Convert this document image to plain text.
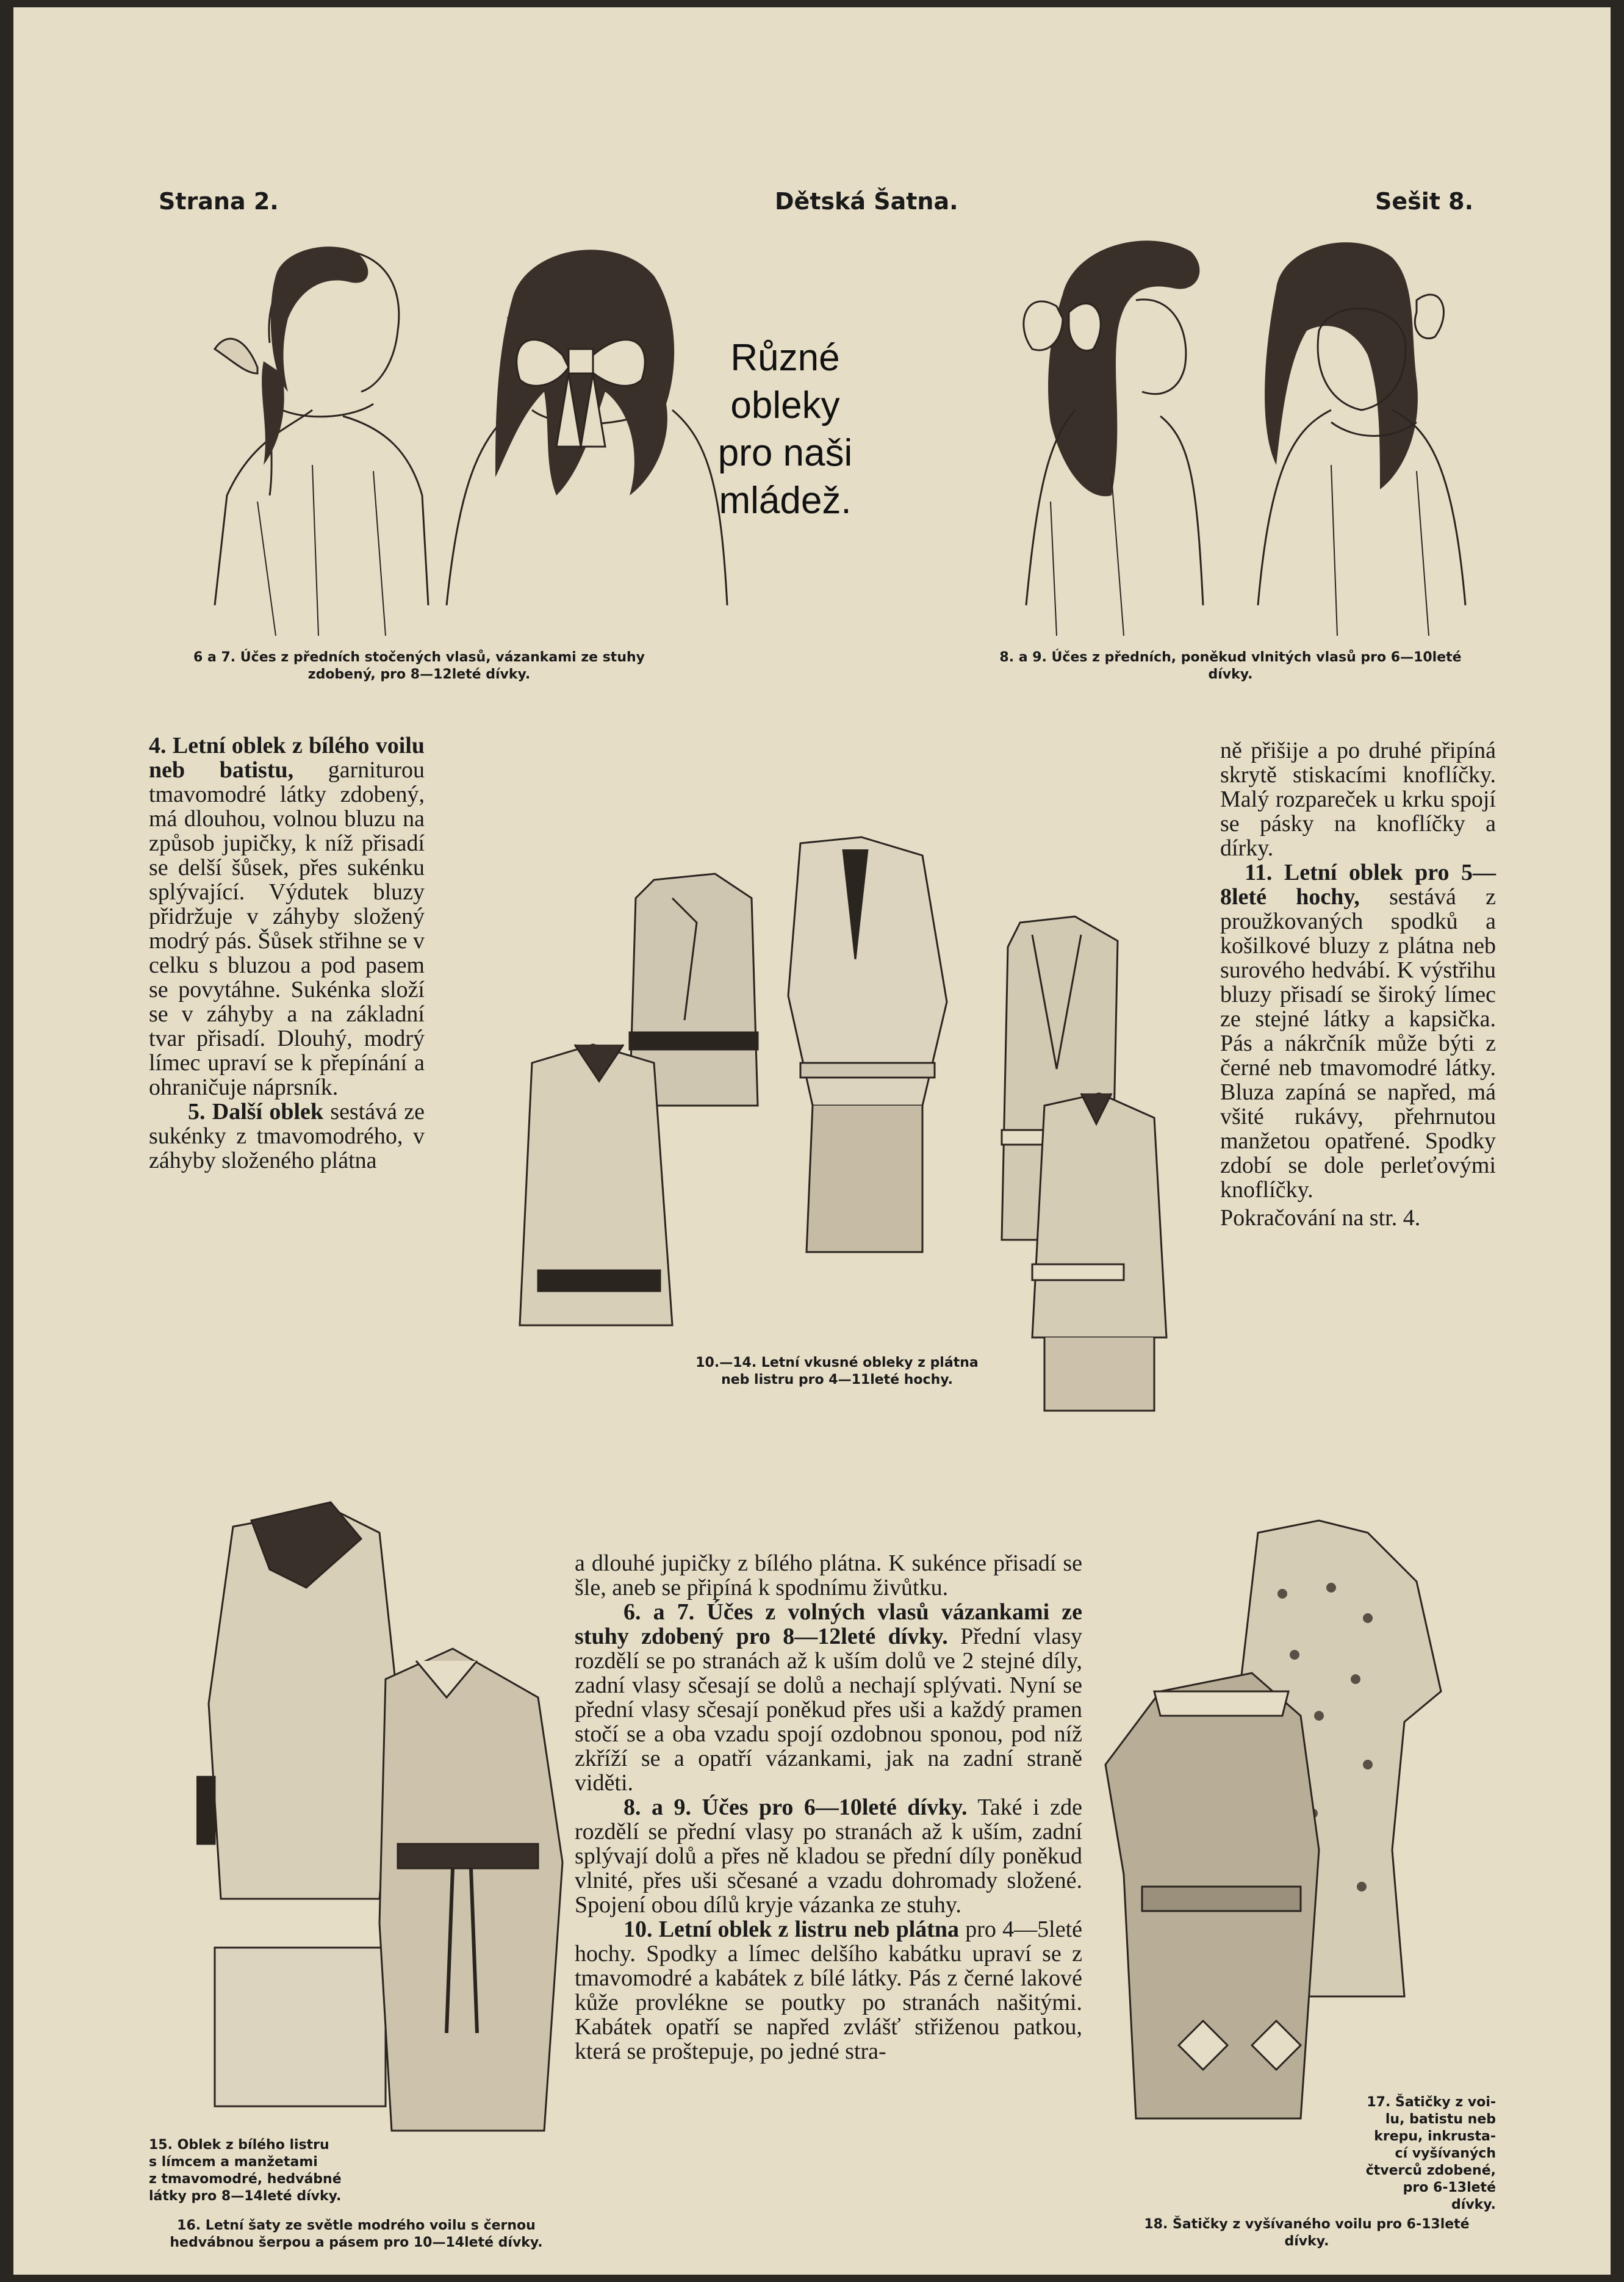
Strana 2.	Dětská Šatna.	Sešit 8.
Různé obleky
pro naši
mládež.
6 a 7. Účes z předních stočených vlasů, vázankami ze stuhy
zdobený, pro 8—12leté dívky.
8. a 9. Účes z předních, poněkud vlnitých vlasů pro 6—10leté
dívky.

4. Letní oblek z bílého voilu neb batistu, garniturou tmavomodré látky zdobený, má dlouhou, volnou bluzu na způsob jupičky, k níž přisadí se delší šůsek, přes sukénku splývající. Výdutek bluzy přidržuje v záhyby složený modrý pás. Šůsek střihne se v celku s bluzou a pod pasem se povytáhne. Sukénka složí se v záhyby a na základní tvar přisadí. Dlouhý, modrý límec upraví se k přepínání a ohraničuje náprsník.

5. Další oblek sestává ze sukénky z tmavomodrého, v záhyby složeného plátna

10.—14. Letní vkusné obleky z plátna
neb listru pro 4—11leté hochy.

ně přišije a po druhé připíná skrytě stiskacími knoflíčky. Malý rozpareček u krku spojí se pásky na knoflíčky a dírky.

11. Letní oblek pro 5—8leté hochy, sestává z proužkovaných spodků a košilkové bluzy z plátna neb surového hedvábí. K výstřihu bluzy přisadí se široký límec ze stejné látky a kapsička. Pás a nákrčník může býti z černé neb tmavomodré látky. Bluza zapíná se napřed, má všité rukávy, přehrnutou manžetou opatřené. Spodky zdobí se dole perleťovými knoflíčky.

Pokračování na str. 4.

15. Oblek z bílého listru
s límcem a manžetami
z tmavomodré, hedvábné
látky pro 8—14leté dívky.
16. Letní šaty ze světle modrého voilu s černou
hedvábnou šerpou a pásem pro 10—14leté dívky.

a dlouhé jupičky z bílého plátna. K sukénce přisadí se šle, aneb se připíná k spodnímu živůtku.

6. a 7. Účes z volných vlasů vázankami ze stuhy zdobený pro 8—12leté dívky. Přední vlasy rozdělí se po stranách až k uším dolů ve 2 stejné díly, zadní vlasy sčesají se dolů a nechají splývati. Nyní se přední vlasy sčesají poněkud přes uši a každý pramen stočí se a oba vzadu spojí ozdobnou sponou, pod níž zkříží se a opatří vázankami, jak na zadní straně viděti.

8. a 9. Účes pro 6—10leté dívky. Také i zde rozdělí se přední vlasy po stranách až k uším, zadní splývají dolů a přes ně kladou se přední díly poněkud vlnité, přes uši sčesané a vzadu dohromady složené. Spojení obou dílů kryje vázanka ze stuhy.

10. Letní oblek z listru neb plátna pro 4—5leté hochy. Spodky a límec delšího kabátku upraví se z tmavomodré a kabátek z bílé látky. Pás z černé lakové kůže provlékne se poutky po stranách našitými. Kabátek opatří se napřed zvlášť střiženou patkou, která se proštepuje, po jedné stra-

17. Šatičky z voi-
lu, batistu neb
krepu, inkrusta-
cí vyšívaných
čtverců zdobené,
pro 6-13leté
dívky.
18. Šatičky z vyšívaného voilu pro 6-13leté
dívky.
